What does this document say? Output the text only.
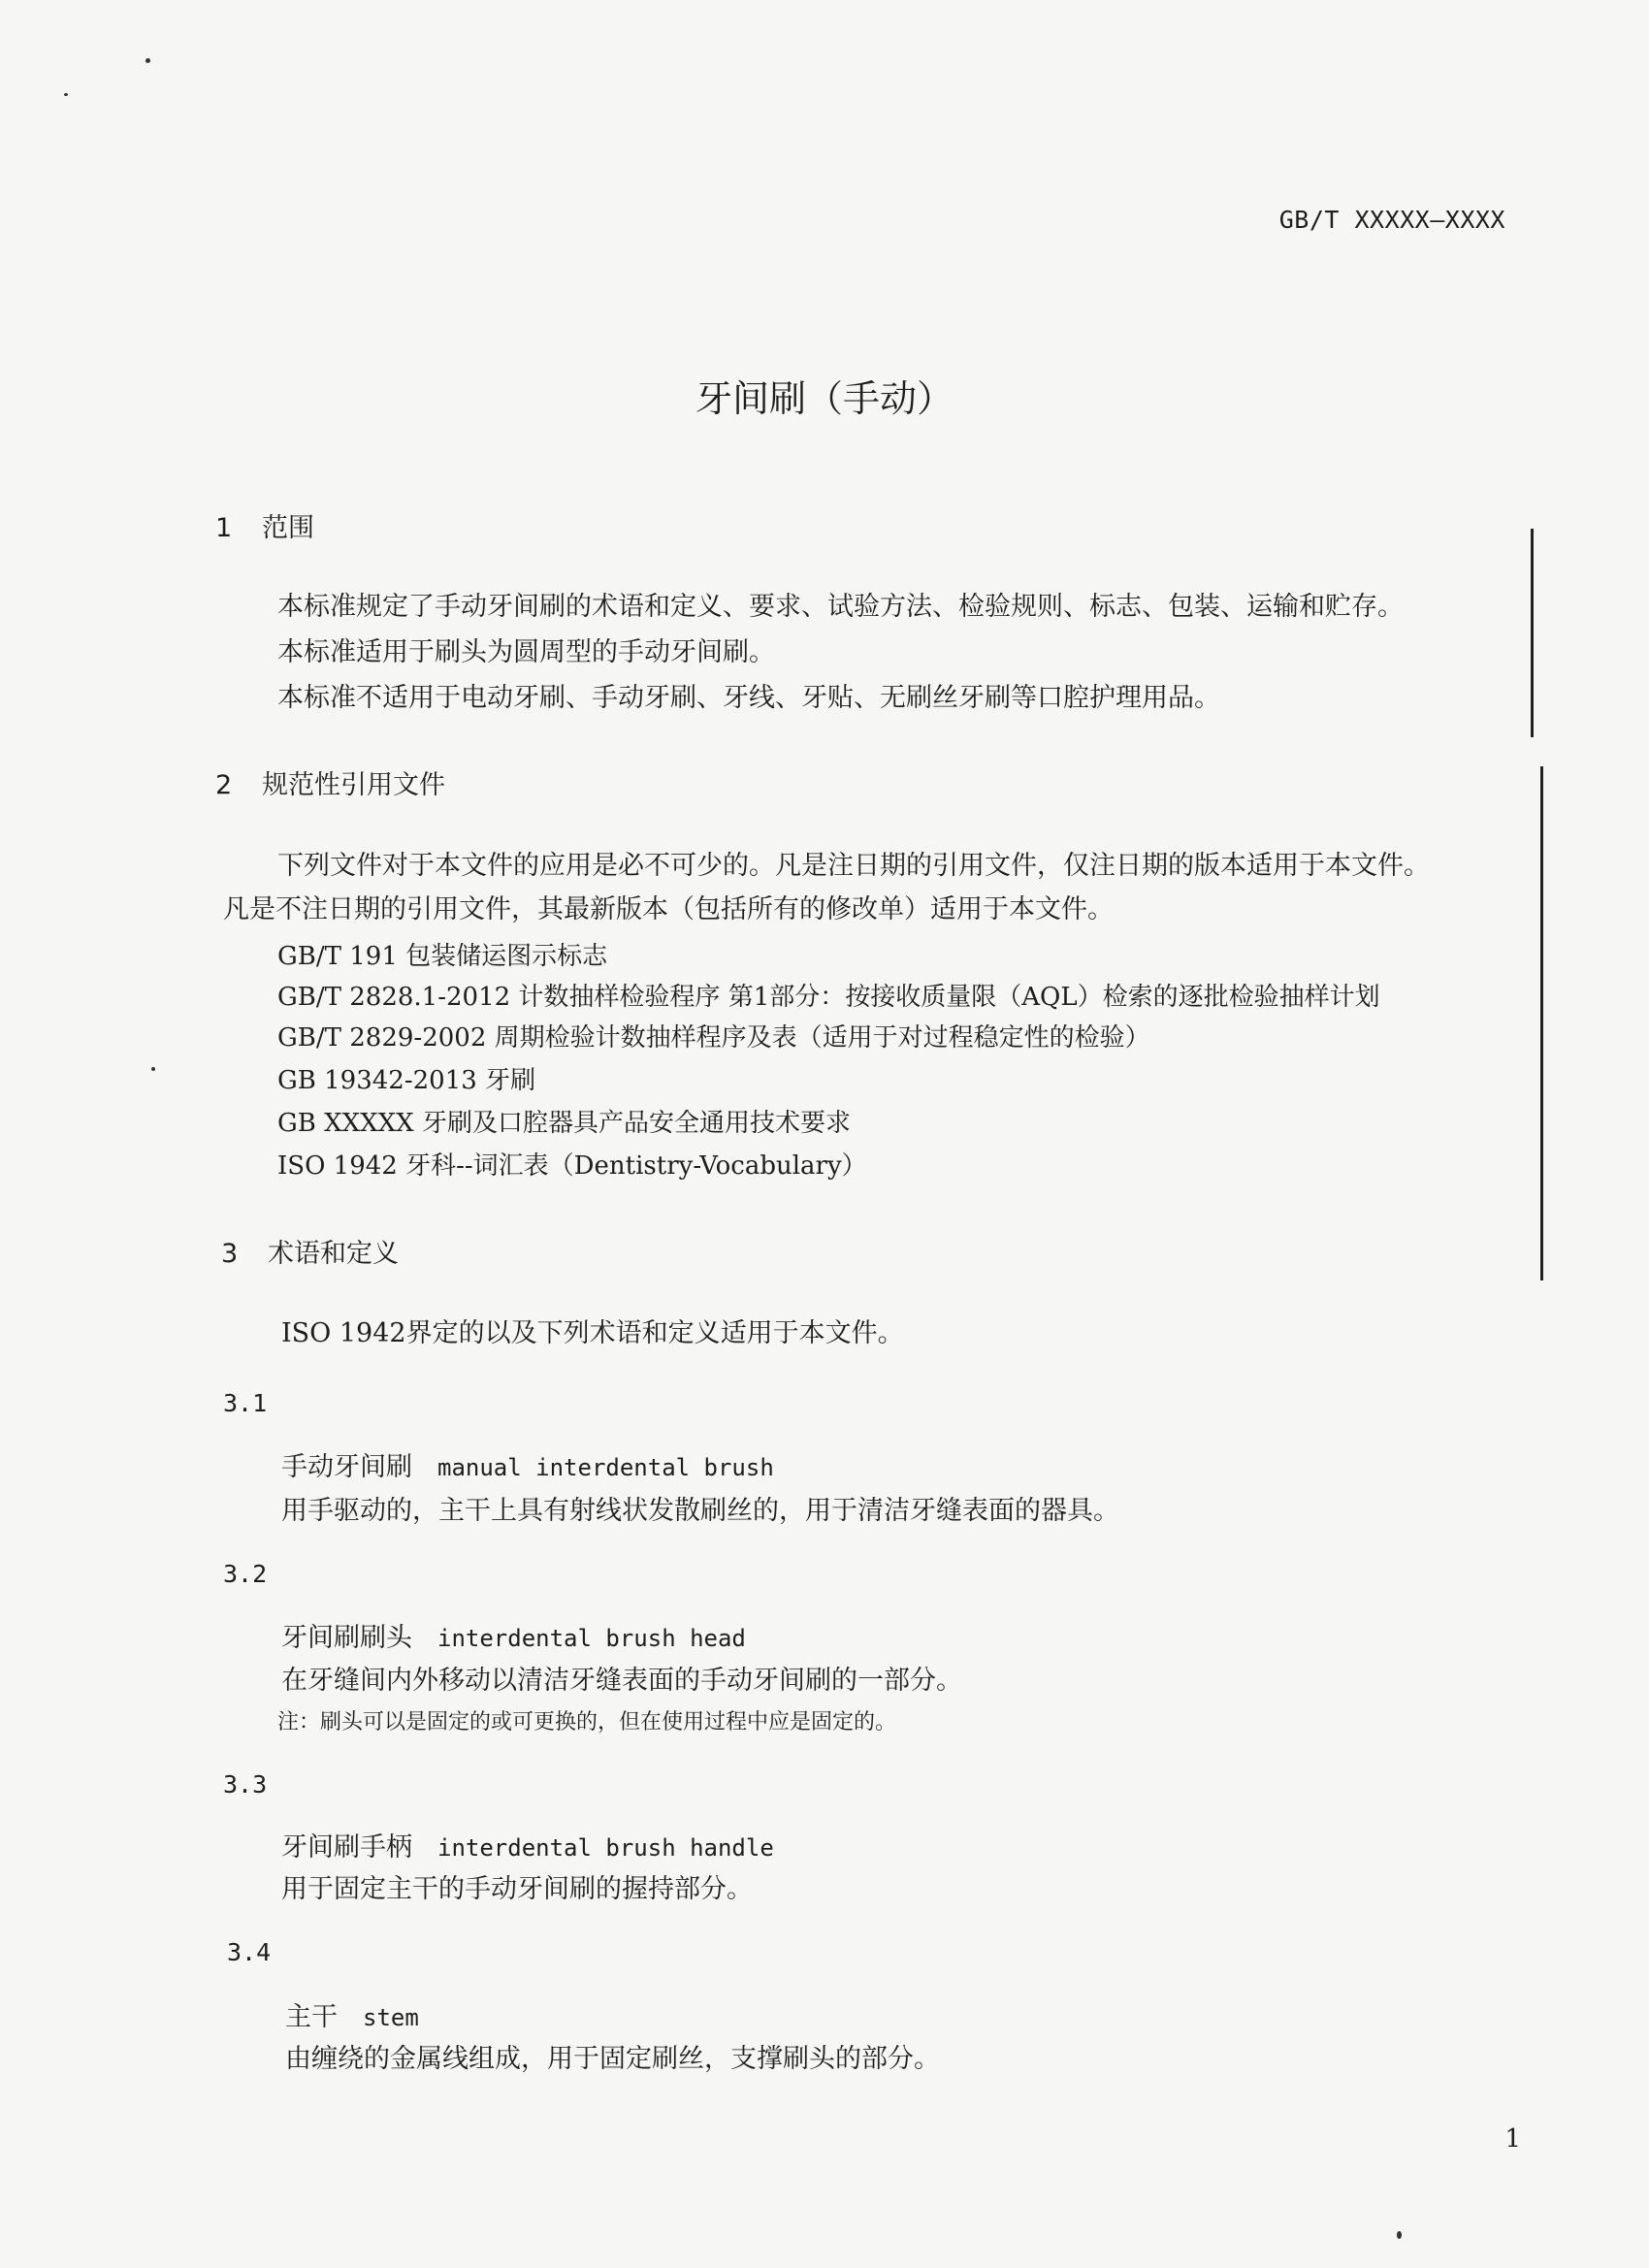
GB/T XXXXX—XXXX
牙间刷（手动）
1 范围
本标准规定了手动牙间刷的术语和定义、要求、试验方法、检验规则、标志、包装、运输和贮存。
本标准适用于刷头为圆周型的手动牙间刷。
本标准不适用于电动牙刷、手动牙刷、牙线、牙贴、无刷丝牙刷等口腔护理用品。
2 规范性引用文件
下列文件对于本文件的应用是必不可少的。凡是注日期的引用文件，仅注日期的版本适用于本文件。
凡是不注日期的引用文件，其最新版本（包括所有的修改单）适用于本文件。
GB/T 191 包装储运图示标志
GB/T 2828.1-2012 计数抽样检验程序 第1部分：按接收质量限（AQL）检索的逐批检验抽样计划
GB/T 2829-2002 周期检验计数抽样程序及表（适用于对过程稳定性的检验）
GB 19342-2013 牙刷
GB XXXXX 牙刷及口腔器具产品安全通用技术要求
ISO 1942 牙科--词汇表（Dentistry-Vocabulary）
3 术语和定义
ISO 1942界定的以及下列术语和定义适用于本文件。
3.1
手动牙间刷 manual interdental brush
用手驱动的，主干上具有射线状发散刷丝的，用于清洁牙缝表面的器具。
3.2
牙间刷刷头 interdental brush head
在牙缝间内外移动以清洁牙缝表面的手动牙间刷的一部分。
注：刷头可以是固定的或可更换的，但在使用过程中应是固定的。
3.3
牙间刷手柄 interdental brush handle
用于固定主干的手动牙间刷的握持部分。
3.4
主干 stem
由缠绕的金属线组成，用于固定刷丝，支撑刷头的部分。
1
